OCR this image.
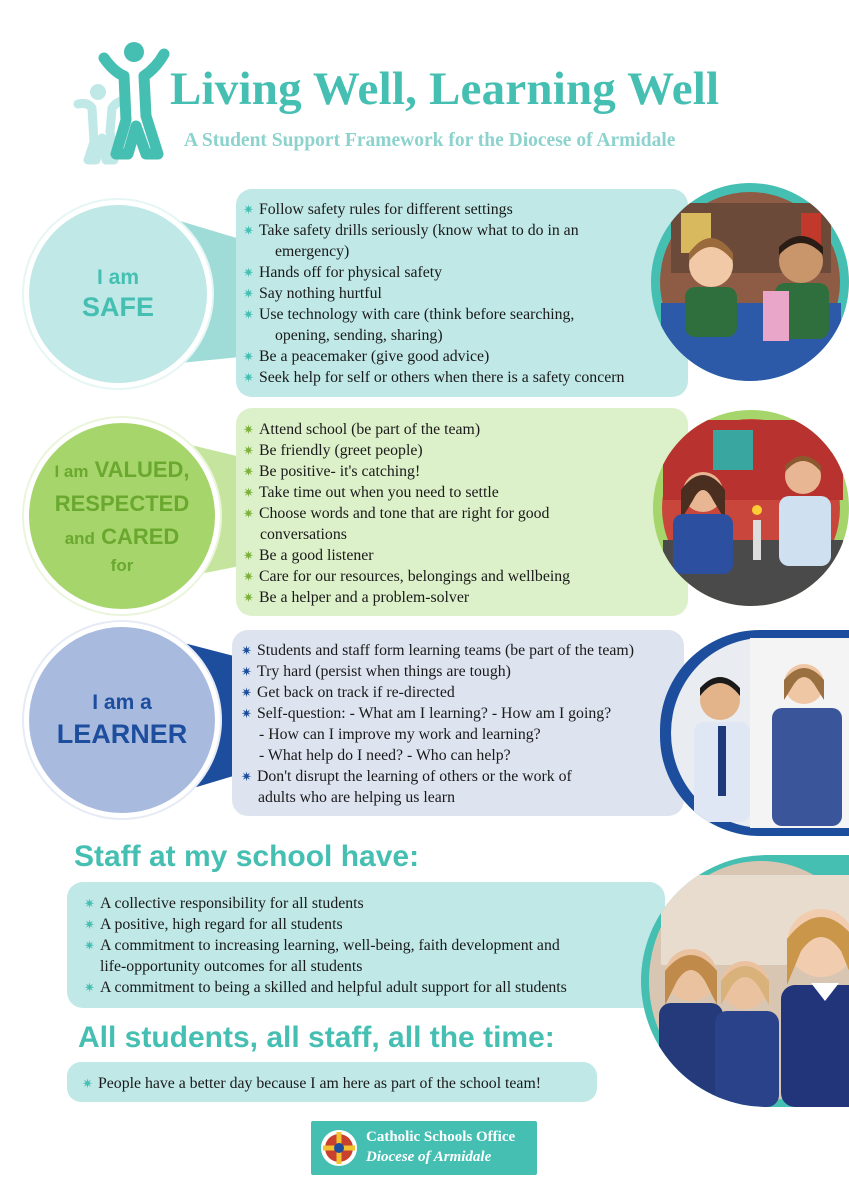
Living Well, Learning Well
A Student Support Framework for the Diocese of Armidale
✷ Follow safety rules for different settings
✷ Take safety drills seriously (know what to do in an
emergency)
✷ Hands off for physical safety
✷ Say nothing hurtful
✷ Use technology with care (think before searching,
opening, sending, sharing)
✷ Be a peacemaker (give good advice)
✷ Seek help for self or others when there is a safety concern
I am
SAFE
✷ Attend school (be part of the team)
✷ Be friendly (greet people)
✷ Be positive- it's catching!
✷ Take time out when you need to settle
✷ Choose words and tone that are right for good
conversations
✷ Be a good listener
✷ Care for our resources, belongings and wellbeing
✷ Be a helper and a problem-solver
I am VALUED,
RESPECTED
and CARED
for
✷ Students and staff form learning teams (be part of the team)
✷ Try hard (persist when things are tough)
✷ Get back on track if re-directed
✷ Self-question: - What am I learning? - How am I going?
- How can I improve my work and learning?
- What help do I need? - Who can help?
✷ Don't disrupt the learning of others or the work of
adults who are helping us learn
I am a
LEARNER
Staff at my school have:
✷ A collective responsibility for all students
✷ A positive, high regard for all students
✷ A commitment to increasing learning, well-being, faith development and
life-opportunity outcomes for all students
✷ A commitment to being a skilled and helpful adult support for all students
All students, all staff, all the time:
✷ People have a better day because I am here as part of the school team!
Catholic Schools Office
Diocese of Armidale
